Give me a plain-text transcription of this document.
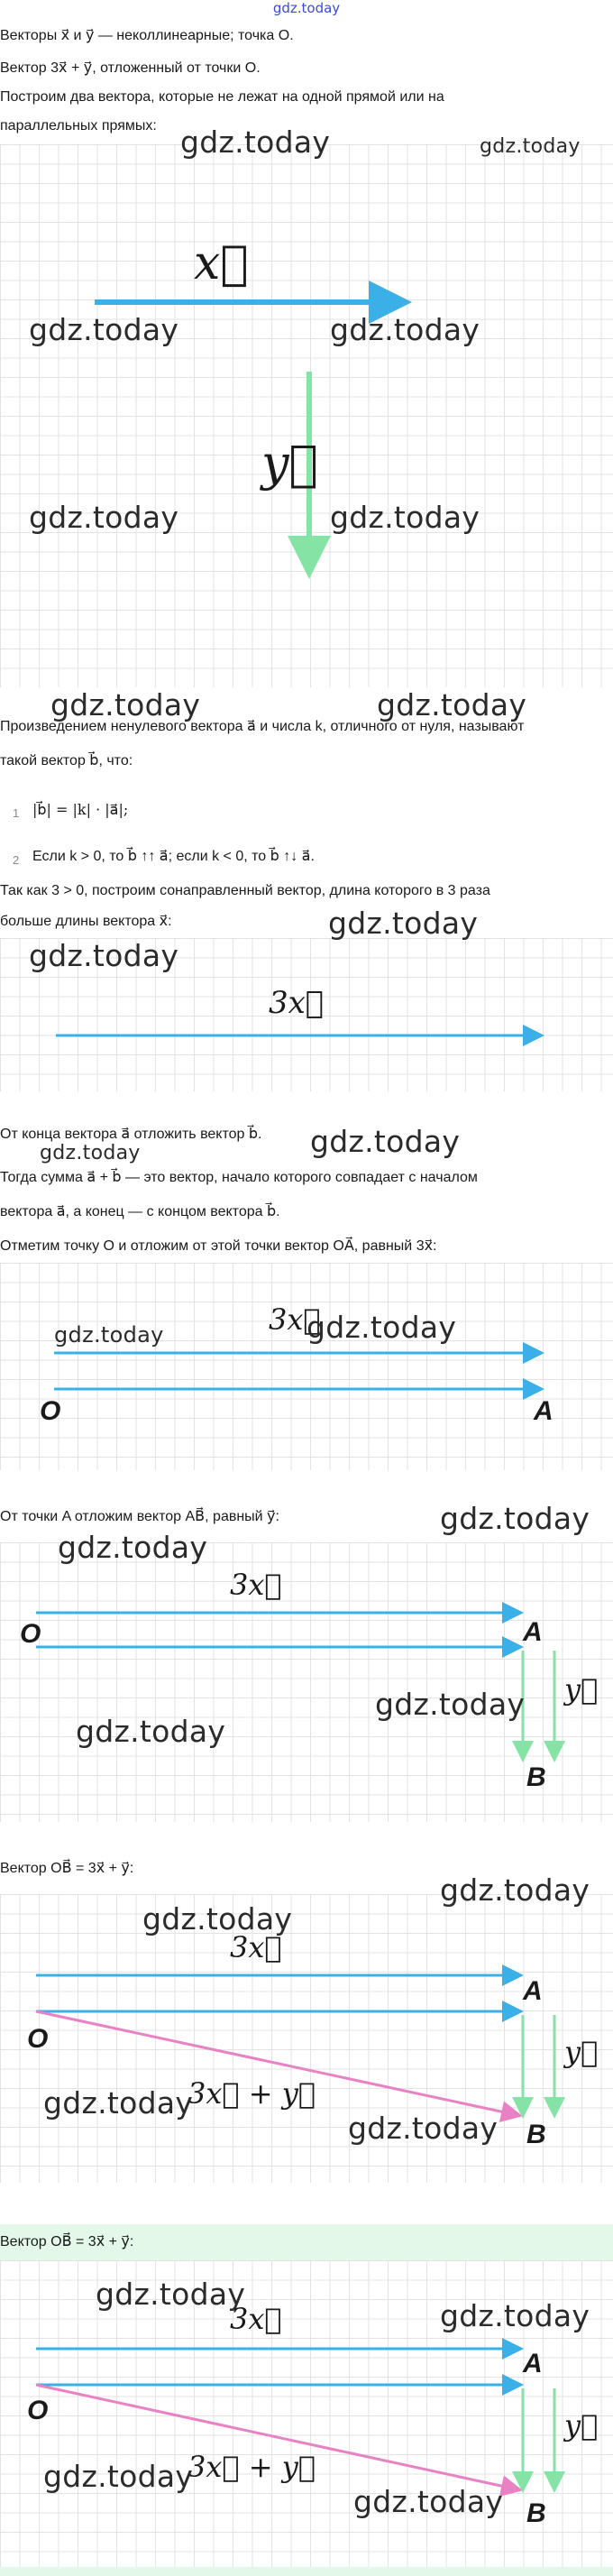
gdz.today
Векторы x⃗ и y⃗ — неколлинеарные; точка O.
Вектор 3x⃗ + y⃗, отложенный от точки O.
Построим два вектора, которые не лежат на одной прямой или на
параллельных прямых:
x⃗
y⃗
Произведением ненулевого вектора a⃗ и числа k, отличного от нуля, называют
такой вектор b⃗, что:
1 |b⃗| = |k| · |a⃗|;
2 Если k > 0, то b⃗ ↑↑ a⃗; если k < 0, то b⃗ ↑↓ a⃗.
Так как 3 > 0, построим сонаправленный вектор, длина которого в 3 раза
больше длины вектора x⃗:
3x⃗
От конца вектора a⃗ отложить вектор b⃗.
Тогда сумма a⃗ + b⃗ — это вектор, начало которого совпадает с началом
вектора a⃗, а конец — с концом вектора b⃗.
Отметим точку O и отложим от этой точки вектор OA⃗, равный 3x⃗:
3x⃗
O	A
От точки A отложим вектор AB⃗, равный y⃗:
3x⃗
y⃗
O	A
B
Вектор OB⃗ = 3x⃗ + y⃗:
3x⃗
y⃗
3x⃗ + y⃗
O
A
B
Вектор OB⃗ = 3x⃗ + y⃗:
3x⃗
y⃗
3x⃗ + y⃗
O
A
B
gdz.today	gdz.today
gdz.today	gdz.today
gdz.today	gdz.today
gdz.today	gdz.today
gdz.today
gdz.today
gdz.today
gdz.today
gdz.today
gdz.today
gdz.today
gdz.today
gdz.today
gdz.today
gdz.today
gdz.today
gdz.today
gdz.today
gdz.today
gdz.today
gdz.today
gdz.today
